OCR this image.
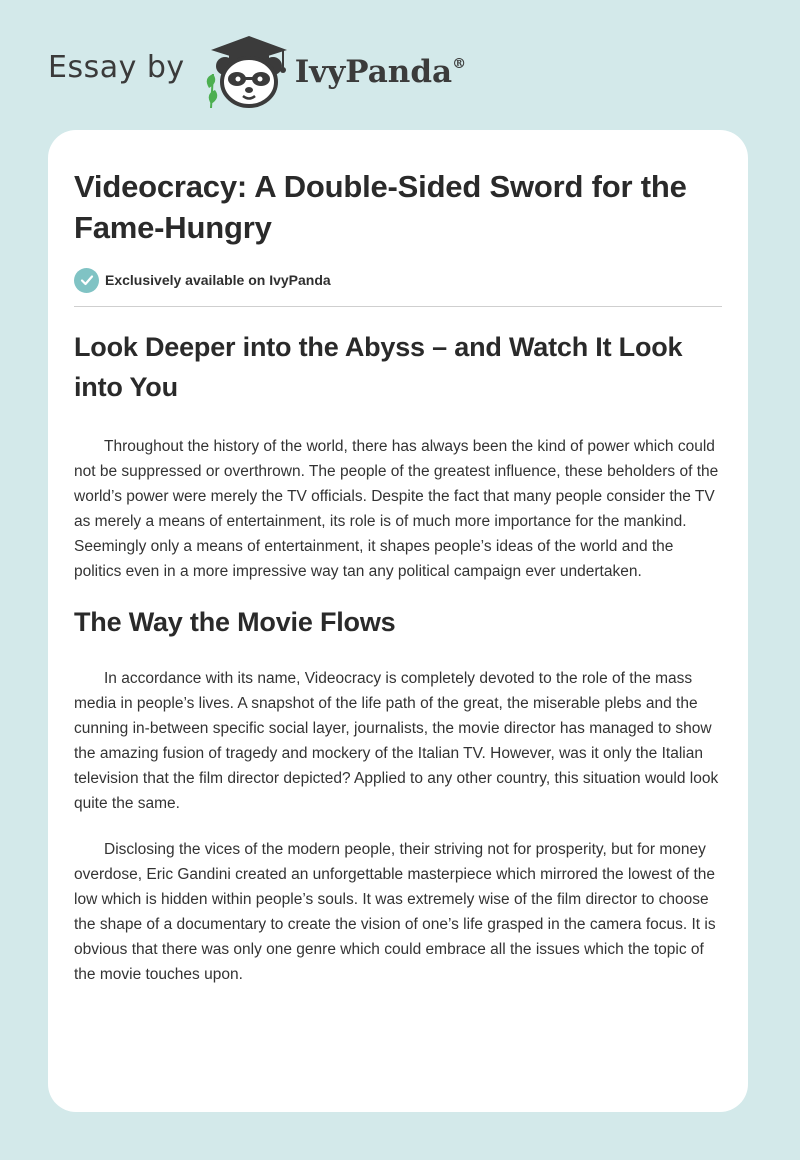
Essay by	IvyPanda®
Videocracy: A Double-Sided Sword for the Fame-Hungry
Exclusively available on IvyPanda
Look Deeper into the Abyss – and Watch It Look into You

Throughout the history of the world, there has always been the kind of power which could not be suppressed or overthrown. The people of the greatest influence, these beholders of the world’s power were merely the TV officials. Despite the fact that many people consider the TV as merely a means of entertainment, its role is of much more importance for the mankind. Seemingly only a means of entertainment, it shapes people’s ideas of the world and the politics even in a more impressive way tan any political campaign ever undertaken.

The Way the Movie Flows

In accordance with its name, Videocracy is completely devoted to the role of the mass media in people’s lives. A snapshot of the life path of the great, the miserable plebs and the cunning in-between specific social layer, journalists, the movie director has managed to show the amazing fusion of tragedy and mockery of the Italian TV. However, was it only the Italian television that the film director depicted? Applied to any other country, this situation would look quite the same.

Disclosing the vices of the modern people, their striving not for prosperity, but for money overdose, Eric Gandini created an unforgettable masterpiece which mirrored the lowest of the low which is hidden within people’s souls. It was extremely wise of the film director to choose the shape of a documentary to create the vision of one’s life grasped in the camera focus. It is obvious that there was only one genre which could embrace all the issues which the topic of the movie touches upon.
